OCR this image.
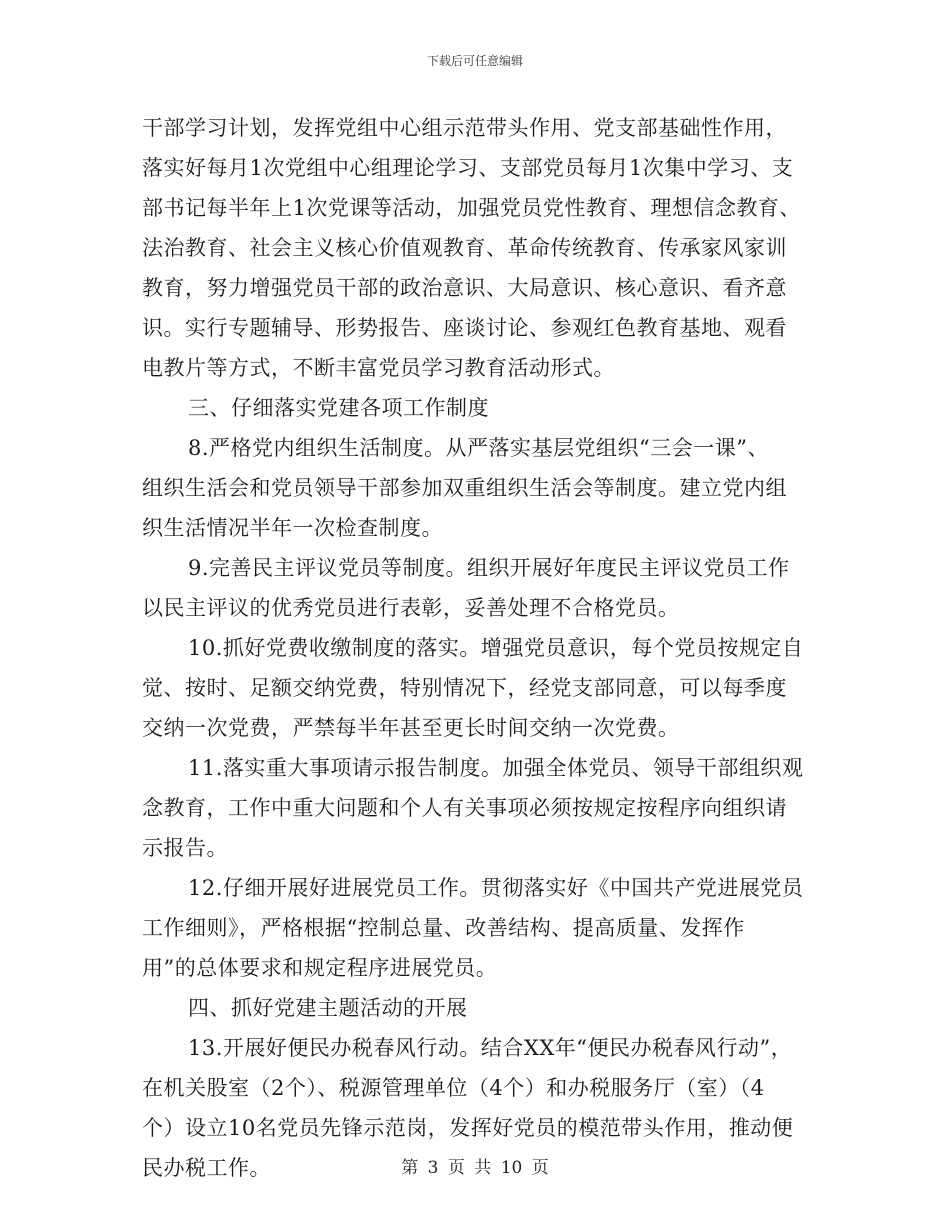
下载后可任意编辑
干部学习计划，发挥党组中心组示范带头作用、党支部基础性作用，
落实好每月1次党组中心组理论学习、支部党员每月1次集中学习、支
部书记每半年上1次党课等活动，加强党员党性教育、理想信念教育、
法治教育、社会主义核心价值观教育、革命传统教育、传承家风家训
教育，努力增强党员干部的政治意识、大局意识、核心意识、看齐意
识。实行专题辅导、形势报告、座谈讨论、参观红色教育基地、观看
电教片等方式，不断丰富党员学习教育活动形式。
三、仔细落实党建各项工作制度
8.严格党内组织生活制度。从严落实基层党组织“三会一课”、
组织生活会和党员领导干部参加双重组织生活会等制度。建立党内组
织生活情况半年一次检查制度。
9.完善民主评议党员等制度。组织开展好年度民主评议党员工作
以民主评议的优秀党员进行表彰，妥善处理不合格党员。
10.抓好党费收缴制度的落实。增强党员意识，每个党员按规定自
觉、按时、足额交纳党费，特别情况下，经党支部同意，可以每季度
交纳一次党费，严禁每半年甚至更长时间交纳一次党费。
11.落实重大事项请示报告制度。加强全体党员、领导干部组织观
念教育，工作中重大问题和个人有关事项必须按规定按程序向组织请
示报告。
12.仔细开展好进展党员工作。贯彻落实好《中国共产党进展党员
工作细则》，严格根据“控制总量、改善结构、提高质量、发挥作
用”的总体要求和规定程序进展党员。
四、抓好党建主题活动的开展
13.开展好便民办税春风行动。结合XX年“便民办税春风行动”，
在机关股室（2个）、税源管理单位（4个）和办税服务厅（室）（4
个）设立10名党员先锋示范岗，发挥好党员的模范带头作用，推动便
民办税工作。	第 3 页 共 10 页
